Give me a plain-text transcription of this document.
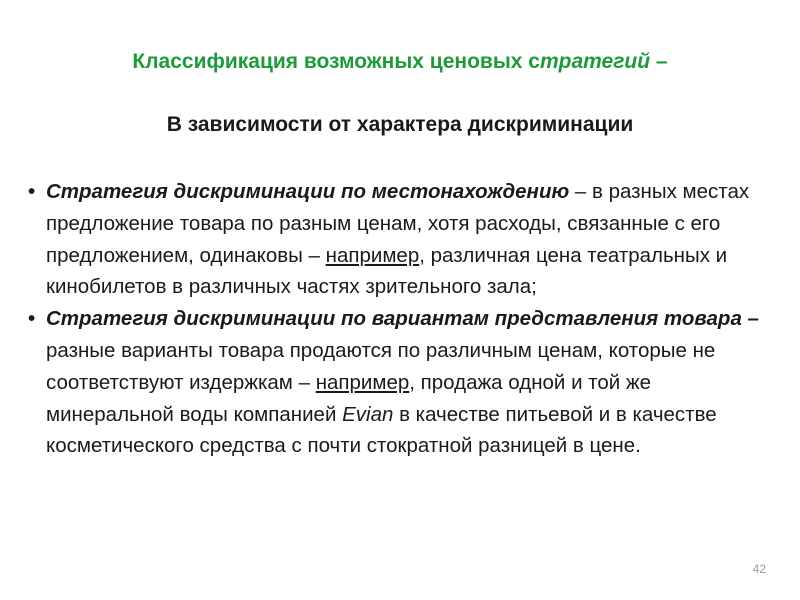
Классификация возможных ценовых стратегий –
В зависимости от характера дискриминации
• Стратегия дискриминации по местонахождению – в разных местах предложение товара по разным ценам, хотя расходы, связанные с его предложением, одинаковы – например, различная цена театральных и кинобилетов в различных частях зрительного зала;
• Стратегия дискриминации по вариантам представления товара – разные варианты товара продаются по различным ценам, которые не соответствуют издержкам – например, продажа одной и той же минеральной воды компанией Evian в качестве питьевой и в качестве косметического средства с почти стократной разницей в цене.
42
